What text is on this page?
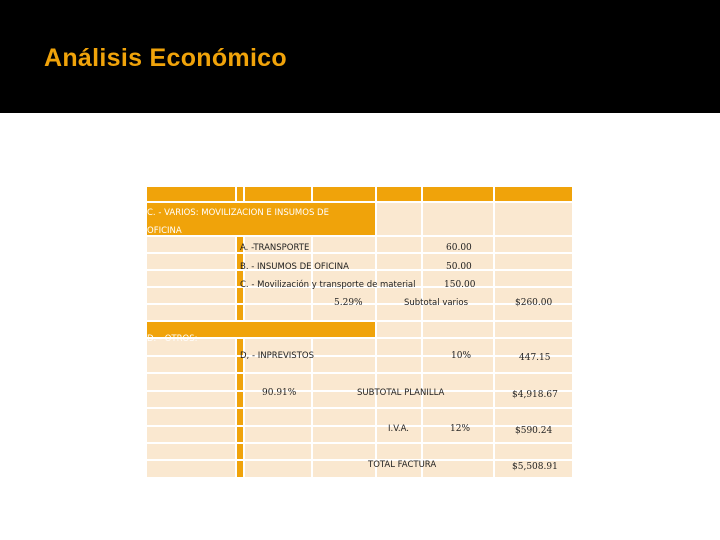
Análisis Económico
C. - VARIOS: MOVILIZACION E INSUMOS DE
OFICINA
A. -TRANSPORTE	60.00
B. - INSUMOS DE OFICINA	50.00
C. - Movilización y transporte de material	150.00
5.29%	Subtotal varios	$260.00
D. - OTROS:
D, - INPREVISTOS	10%	447.15
90.91%	SUBTOTAL PLANILLA	$4,918.67
I.V.A.	12%	$590.24
TOTAL FACTURA	$5,508.91
